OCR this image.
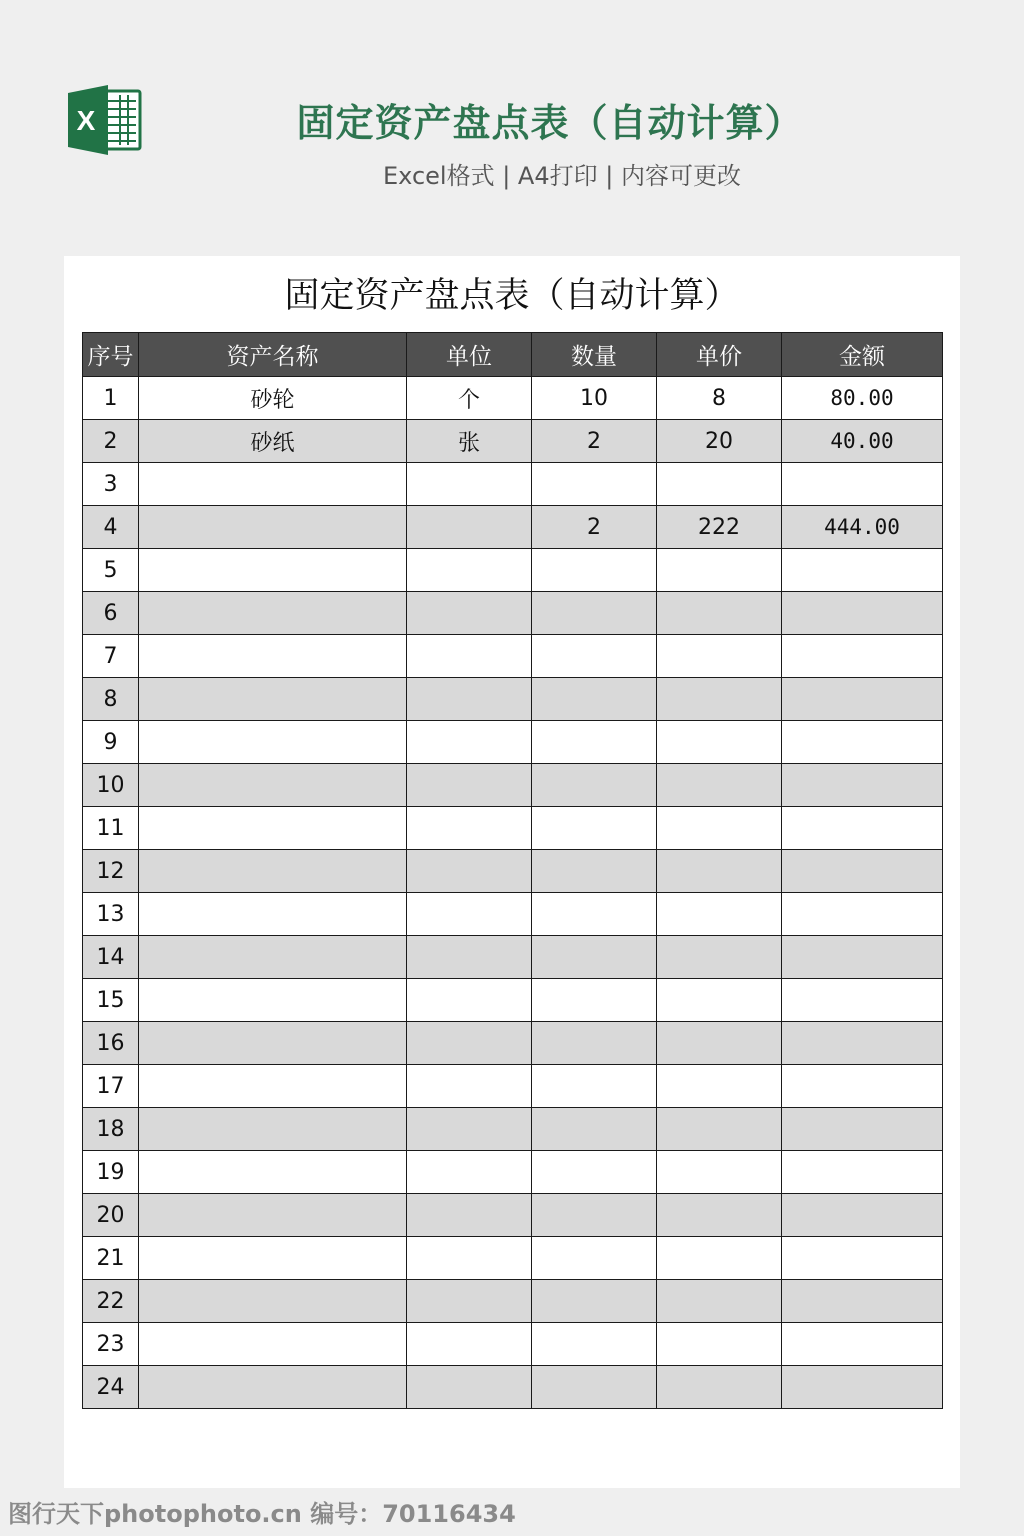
X	固定资产盘点表（自动计算）
Excel格式 | A4打印 | 内容可更改
固定资产盘点表（自动计算）
序号	资产名称	单位	数量	单价	金额
1	砂轮	个	10	8	80.00
2	砂纸	张	2	20	40.00
3					
4			2	222	444.00
5					
6					
7					
8					
9					
10					
11					
12					
13					
14					
15					
16					
17					
18					
19					
20					
21					
22					
23					
24					
图行天下photophoto.cn 编号：70116434
